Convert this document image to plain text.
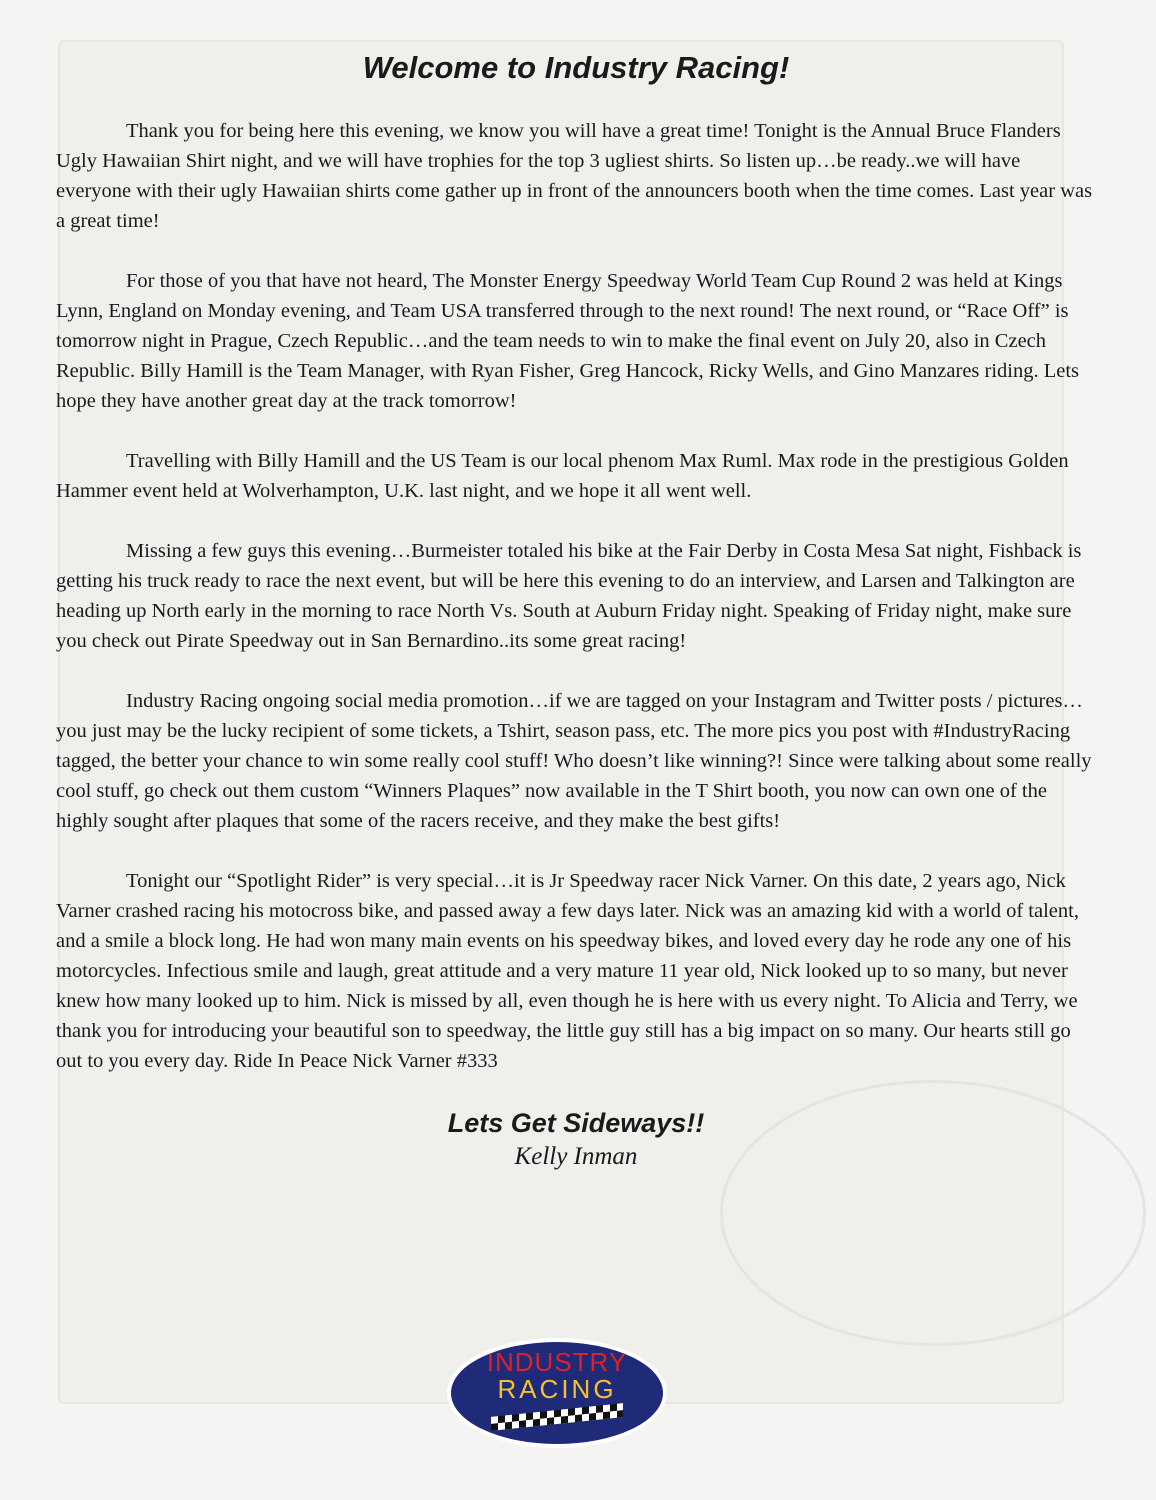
Welcome to Industry Racing!

Thank you for being here this evening, we know you will have a great time! Tonight is the Annual Bruce Flanders Ugly Hawaiian Shirt night, and we will have trophies for the top 3 ugliest shirts. So listen up…be ready..we will have everyone with their ugly Hawaiian shirts come gather up in front of the announcers booth when the time comes. Last year was a great time!

For those of you that have not heard, The Monster Energy Speedway World Team Cup Round 2 was held at Kings Lynn, England on Monday evening, and Team USA transferred through to the next round! The next round, or “Race Off” is tomorrow night in Prague, Czech Republic…and the team needs to win to make the final event on July 20, also in Czech Republic. Billy Hamill is the Team Manager, with Ryan Fisher, Greg Hancock, Ricky Wells, and Gino Manzares riding. Lets hope they have another great day at the track tomorrow!

Travelling with Billy Hamill and the US Team is our local phenom Max Ruml. Max rode in the prestigious Golden Hammer event held at Wolverhampton, U.K. last night, and we hope it all went well.

Missing a few guys this evening…Burmeister totaled his bike at the Fair Derby in Costa Mesa Sat night, Fishback is getting his truck ready to race the next event, but will be here this evening to do an interview, and Larsen and Talkington are heading up North early in the morning to race North Vs. South at Auburn Friday night. Speaking of Friday night, make sure you check out Pirate Speedway out in San Bernardino..its some great racing!

Industry Racing ongoing social media promotion…if we are tagged on your Instagram and Twitter posts / pictures…you just may be the lucky recipient of some tickets, a Tshirt, season pass, etc. The more pics you post with #IndustryRacing tagged, the better your chance to win some really cool stuff! Who doesn’t like winning?! Since were talking about some really cool stuff, go check out them custom “Winners Plaques” now available in the T Shirt booth, you now can own one of the highly sought after plaques that some of the racers receive, and they make the best gifts!

Tonight our “Spotlight Rider” is very special…it is Jr Speedway racer Nick Varner. On this date, 2 years ago, Nick Varner crashed racing his motocross bike, and passed away a few days later. Nick was an amazing kid with a world of talent, and a smile a block long. He had won many main events on his speedway bikes, and loved every day he rode any one of his motorcycles. Infectious smile and laugh, great attitude and a very mature 11 year old, Nick looked up to so many, but never knew how many looked up to him. Nick is missed by all, even though he is here with us every night. To Alicia and Terry, we thank you for introducing your beautiful son to speedway, the little guy still has a big impact on so many. Our hearts still go out to you every day. Ride In Peace Nick Varner #333

Lets Get Sideways!!
Kelly Inman
INDUSTRY
RACING
